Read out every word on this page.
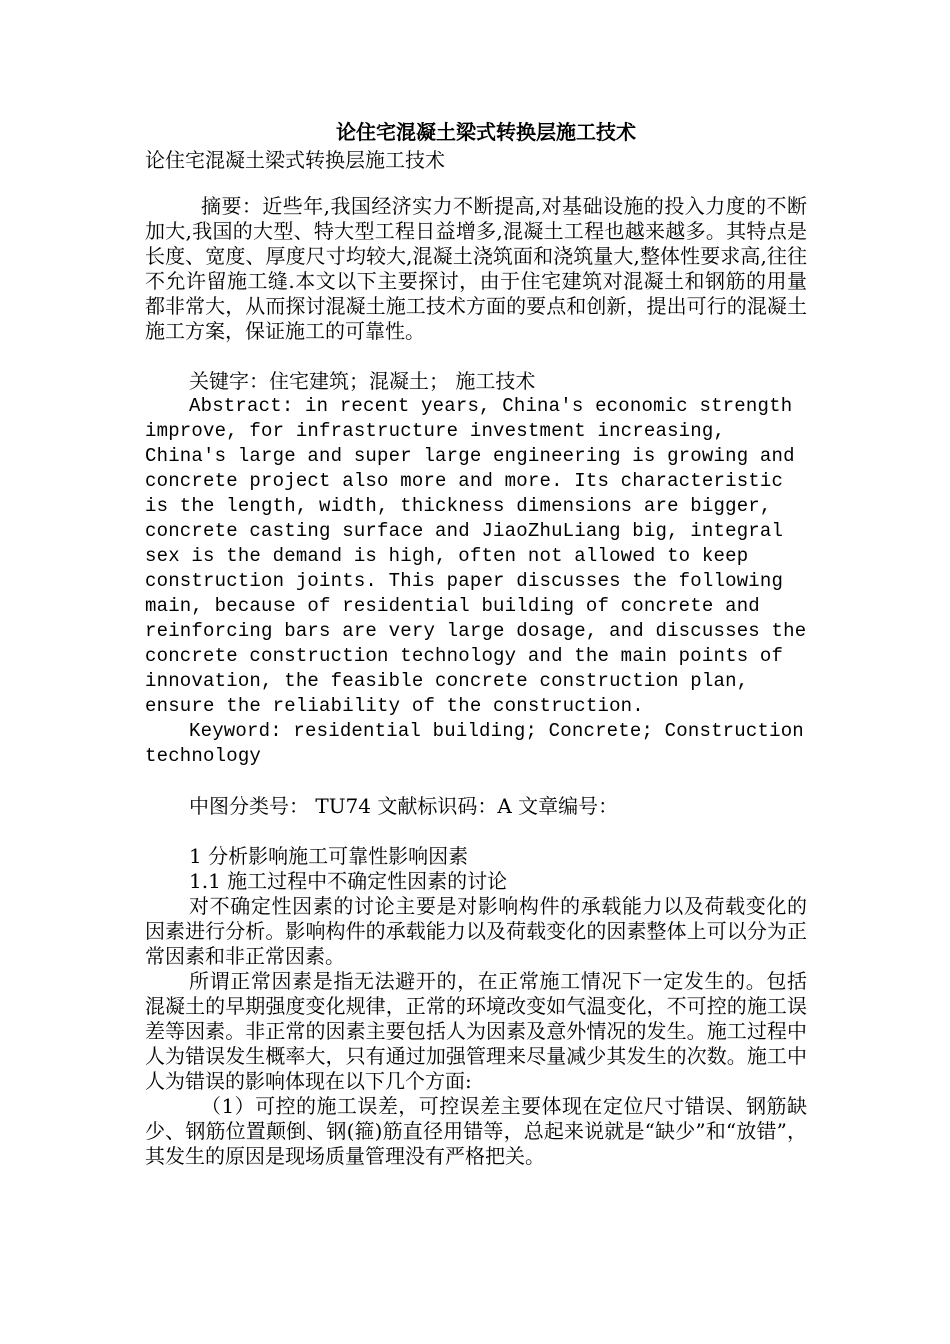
论住宅混凝土梁式转换层施工技术

论住宅混凝土梁式转换层施工技术

摘要：近些年,我国经济实力不断提高,对基础设施的投入力度的不断加大,我国的大型、特大型工程日益增多,混凝土工程也越来越多。其特点是长度、宽度、厚度尺寸均较大,混凝土浇筑面和浇筑量大,整体性要求高,往往不允许留施工缝.本文以下主要探讨，由于住宅建筑对混凝土和钢筋的用量都非常大，从而探讨混凝土施工技术方面的要点和创新，提出可行的混凝土施工方案，保证施工的可靠性。

关键字：住宅建筑；混凝土； 施工技术

Abstract: in recent years, China's economic strength improve, for infrastructure investment increasing, China's large and super large engineering is growing and concrete project also more and more. Its characteristic is the length, width, thickness dimensions are bigger, concrete casting surface and JiaoZhuLiang big, integral sex is the demand is high, often not allowed to keep construction joints. This paper discusses the following main, because of residential building of concrete and reinforcing bars are very large dosage, and discusses the concrete construction technology and the main points of innovation, the feasible concrete construction plan, ensure the reliability of the construction.

Keyword: residential building; Concrete; Construction technology

中图分类号： TU74 文献标识码：A 文章编号：

1 分析影响施工可靠性影响因素

1.1 施工过程中不确定性因素的讨论

对不确定性因素的讨论主要是对影响构件的承载能力以及荷载变化的因素进行分析。影响构件的承载能力以及荷载变化的因素整体上可以分为正常因素和非正常因素。

所谓正常因素是指无法避开的，在正常施工情况下一定发生的。包括混凝土的早期强度变化规律，正常的环境改变如气温变化，不可控的施工误差等因素。非正常的因素主要包括人为因素及意外情况的发生。施工过程中人为错误发生概率大，只有通过加强管理来尽量减少其发生的次数。施工中人为错误的影响体现在以下几个方面:

（1）可控的施工误差，可控误差主要体现在定位尺寸错误、钢筋缺少、钢筋位置颠倒、钢(箍)筋直径用错等，总起来说就是“缺少”和“放错”，其发生的原因是现场质量管理没有严格把关。
